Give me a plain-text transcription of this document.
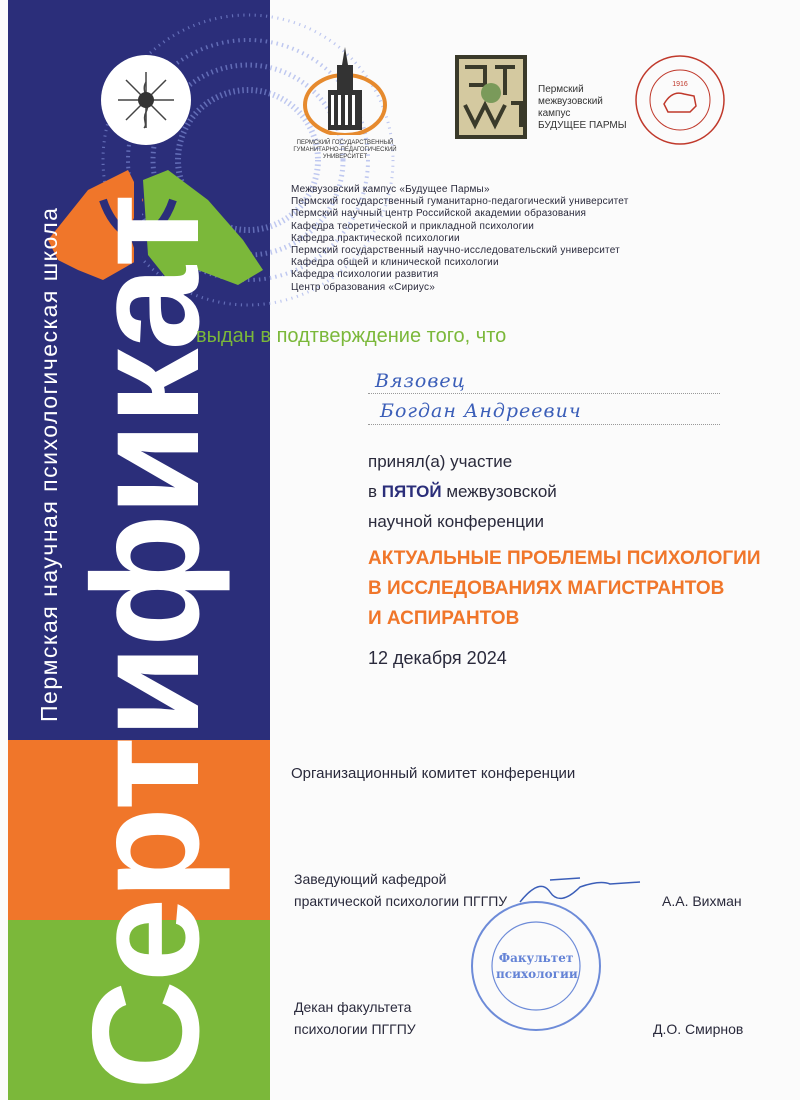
Пермская научная психологическая школа Сертификат
ПЕРМСКИЙ ГОСУДАРСТВЕННЫЙ
ГУМАНИТАРНО-ПЕДАГОГИЧЕСКИЙ
УНИВЕРСИТЕТ
Пермский
межвузовский
кампус
БУДУЩЕЕ ПАРМЫ
1916
Межвузовский кампус «Будущее Пармы»
Пермский государственный гуманитарно-педагогический университет
Пермский научный центр Российской академии образования
Кафедра теоретической и прикладной психологии
Кафедра практической психологии
Пермский государственный научно-исследовательский университет
Кафедра общей и клинической психологии
Кафедра психологии развития
Центр образования «Сириус»
выдан в подтверждение того, что
Вязовец
Богдан Андреевич
принял(а) участие
в ПЯТОЙ межвузовской
научной конференции
АКТУАЛЬНЫЕ ПРОБЛЕМЫ ПСИХОЛОГИИ
В ИССЛЕДОВАНИЯХ МАГИСТРАНТОВ
И АСПИРАНТОВ
12 декабря 2024
Организационный комитет конференции
Заведующий кафедрой
практической психологии ПГГПУ	А.А. Вихман
Декан факультета
психологии ПГГПУ	Д.О. Смирнов
Факультет
психологии
